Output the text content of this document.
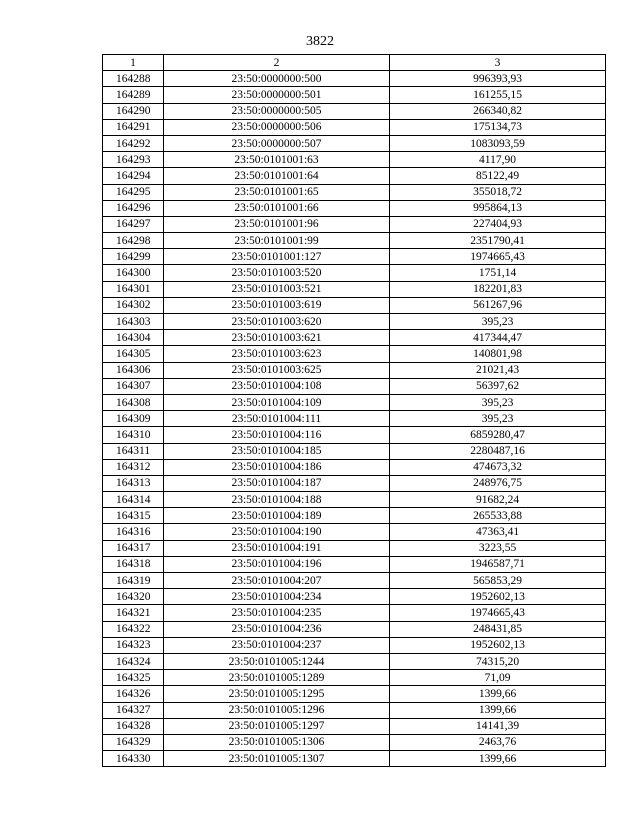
3822
1	2	3
164288	23:50:0000000:500	996393,93
164289	23:50:0000000:501	161255,15
164290	23:50:0000000:505	266340,82
164291	23:50:0000000:506	175134,73
164292	23:50:0000000:507	1083093,59
164293	23:50:0101001:63	4117,90
164294	23:50:0101001:64	85122,49
164295	23:50:0101001:65	355018,72
164296	23:50:0101001:66	995864,13
164297	23:50:0101001:96	227404,93
164298	23:50:0101001:99	2351790,41
164299	23:50:0101001:127	1974665,43
164300	23:50:0101003:520	1751,14
164301	23:50:0101003:521	182201,83
164302	23:50:0101003:619	561267,96
164303	23:50:0101003:620	395,23
164304	23:50:0101003:621	417344,47
164305	23:50:0101003:623	140801,98
164306	23:50:0101003:625	21021,43
164307	23:50:0101004:108	56397,62
164308	23:50:0101004:109	395,23
164309	23:50:0101004:111	395,23
164310	23:50:0101004:116	6859280,47
164311	23:50:0101004:185	2280487,16
164312	23:50:0101004:186	474673,32
164313	23:50:0101004:187	248976,75
164314	23:50:0101004:188	91682,24
164315	23:50:0101004:189	265533,88
164316	23:50:0101004:190	47363,41
164317	23:50:0101004:191	3223,55
164318	23:50:0101004:196	1946587,71
164319	23:50:0101004:207	565853,29
164320	23:50:0101004:234	1952602,13
164321	23:50:0101004:235	1974665,43
164322	23:50:0101004:236	248431,85
164323	23:50:0101004:237	1952602,13
164324	23:50:0101005:1244	74315,20
164325	23:50:0101005:1289	71,09
164326	23:50:0101005:1295	1399,66
164327	23:50:0101005:1296	1399,66
164328	23:50:0101005:1297	14141,39
164329	23:50:0101005:1306	2463,76
164330	23:50:0101005:1307	1399,66
